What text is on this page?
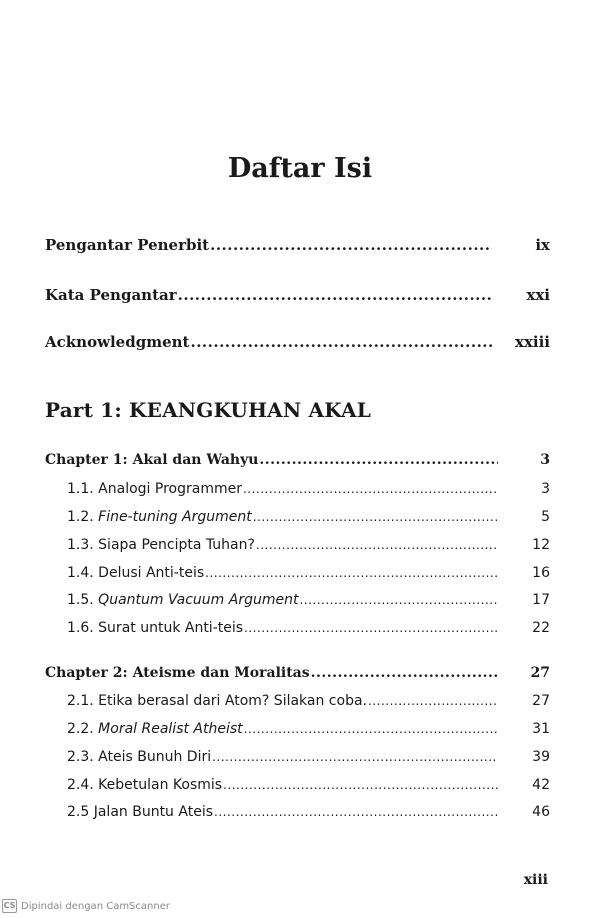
Daftar Isi
Pengantar Penerbit .....	ix
Kata Pengantar .....	xxi
Acknowledgment .....	xxiii
Part 1: KEANGKUHAN AKAL
Chapter 1: Akal dan Wahyu .....	3
1.1. Analogi Programmer .....	3
1.2. Fine-tuning Argument .....	5
1.3. Siapa Pencipta Tuhan? .....	12
1.4. Delusi Anti-teis .....	16
1.5. Quantum Vacuum Argument .....	17
1.6. Surat untuk Anti-teis .....	22
Chapter 2: Ateisme dan Moralitas .....	27
2.1. Etika berasal dari Atom? Silakan coba. .....	27
2.2. Moral Realist Atheist .....	31
2.3. Ateis Bunuh Diri .....	39
2.4. Kebetulan Kosmis .....	42
2.5 Jalan Buntu Ateis .....	46
xiii
CS Dipindai dengan CamScanner
